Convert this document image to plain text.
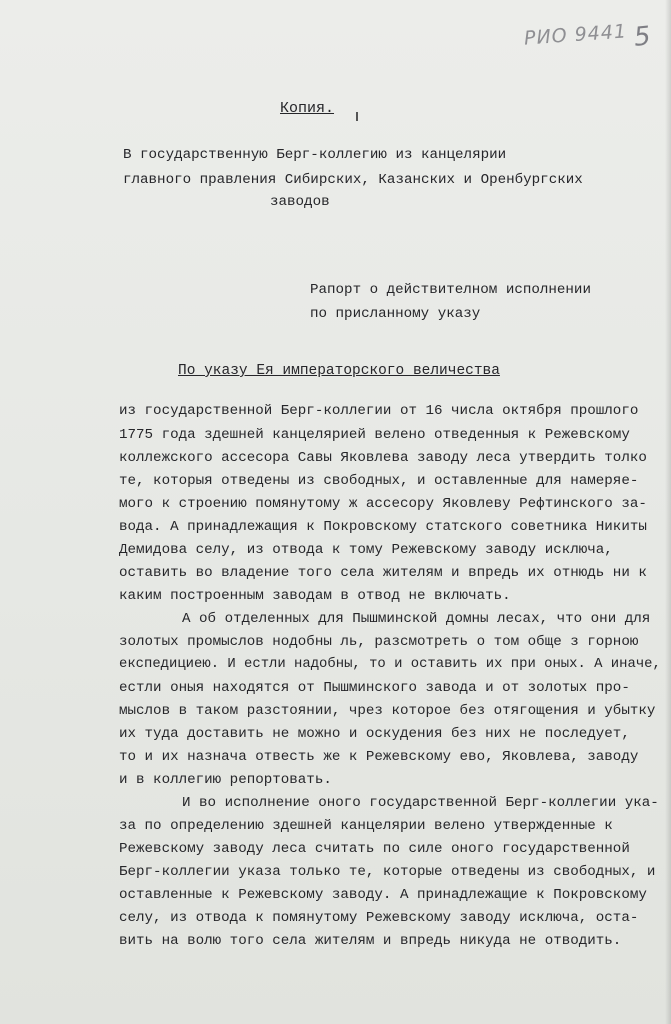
РИО 9441 5
Копия.
В государственную Берг-коллегию из канцелярии
главного правления Сибирских, Казанских и Оренбургских
заводов
Рапорт о действителном исполнении
по присланному указу
По указу Ея императорского величества
из государственной Берг-коллегии от 16 числа октября прошлого
1775 года здешней канцелярией велено отведенныя к Режевскому
коллежского ассесора Савы Яковлева заводу леса утвердить толко
те, которыя отведены из свободных, и оставленные для намеряе-
мого к строению помянутому ж ассесору Яковлеву Рефтинского за-
вода. А принадлежащия к Покровскому статского советника Никиты
Демидова селу, из отвода к тому Режевскому заводу исключа,
оставить во владение того села жителям и впредь их отнюдь ни к
каким построенным заводам в отвод не включать.
А об отделенных для Пышминской домны лесах, что они для
золотых промыслов нодобны ль, разсмотреть о том обще з горною
експедициею. И естли надобны, то и оставить их при оных. А иначе,
естли оныя находятся от Пышминского завода и от золотых про-
мыслов в таком разстоянии, чрез которое без отягощения и убытку
их туда доставить не можно и оскудения без них не последует,
то и их назнача отвесть же к Режевскому ево, Яковлева, заводу
и в коллегию репортовать.
И во исполнение оного государственной Берг-коллегии ука-
за по определению здешней канцелярии велено утвержденные к
Режевскому заводу леса считать по силе оного государственной
Берг-коллегии указа только те, которые отведены из свободных, и
оставленные к Режевскому заводу. А принадлежащие к Покровскому
селу, из отвода к помянутому Режевскому заводу исключа, оста-
вить на волю того села жителям и впредь никуда не отводить.
